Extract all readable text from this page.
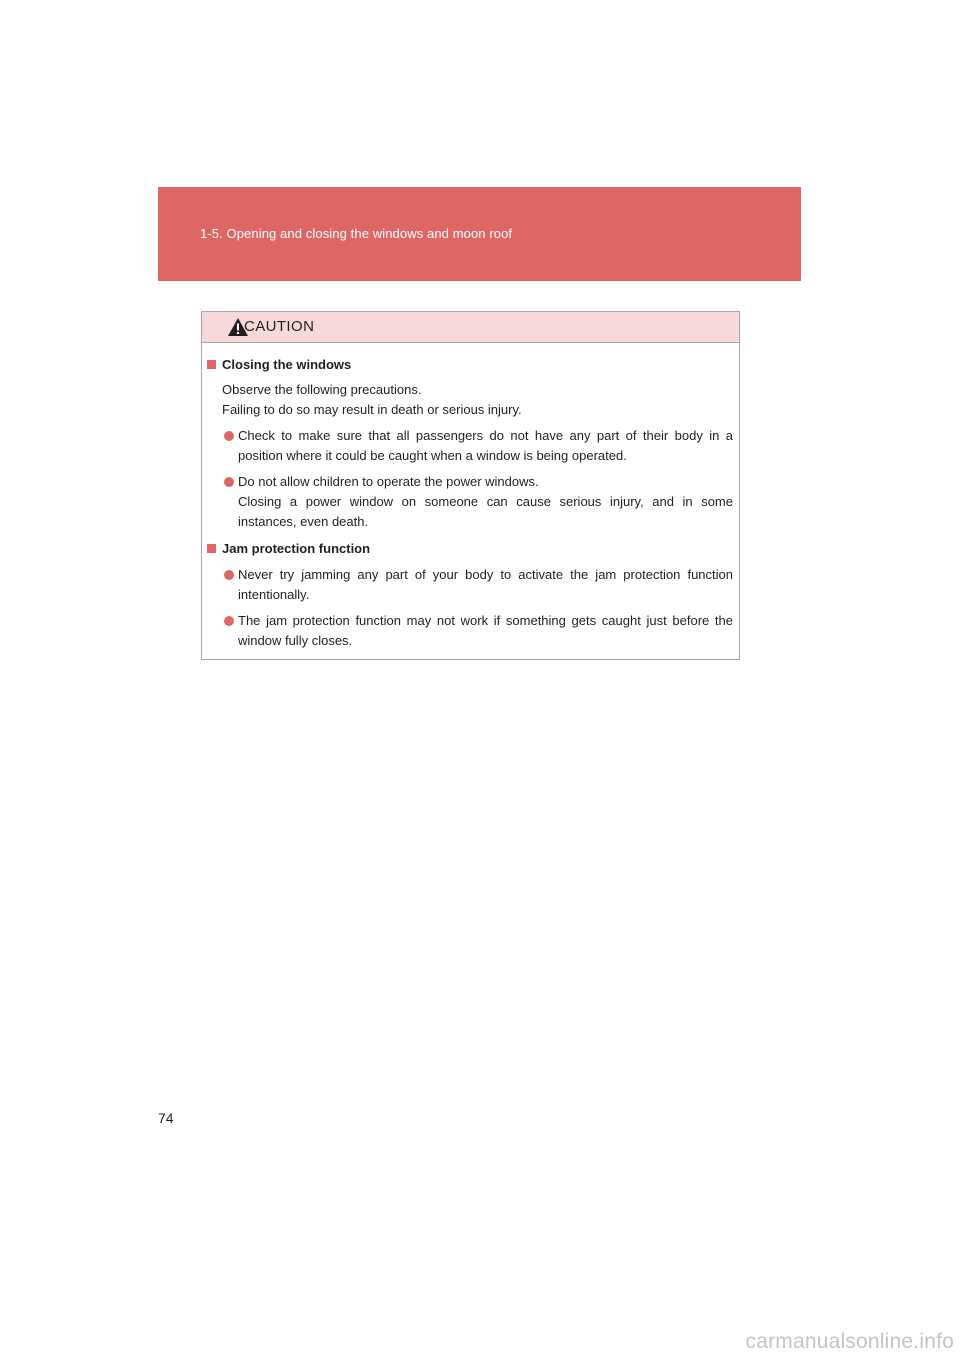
1-5. Opening and closing the windows and moon roof
CAUTION
Closing the windows

Observe the following precautions.

Failing to do so may result in death or serious injury.

Check to make sure that all passengers do not have any part of their body in a position where it could be caught when a window is being operated.

Do not allow children to operate the power windows.

Closing a power window on someone can cause serious injury, and in some instances, even death.

Jam protection function

Never try jamming any part of your body to activate the jam protection function intentionally.

The jam protection function may not work if something gets caught just before the window fully closes.

74
carmanualsonline.info
